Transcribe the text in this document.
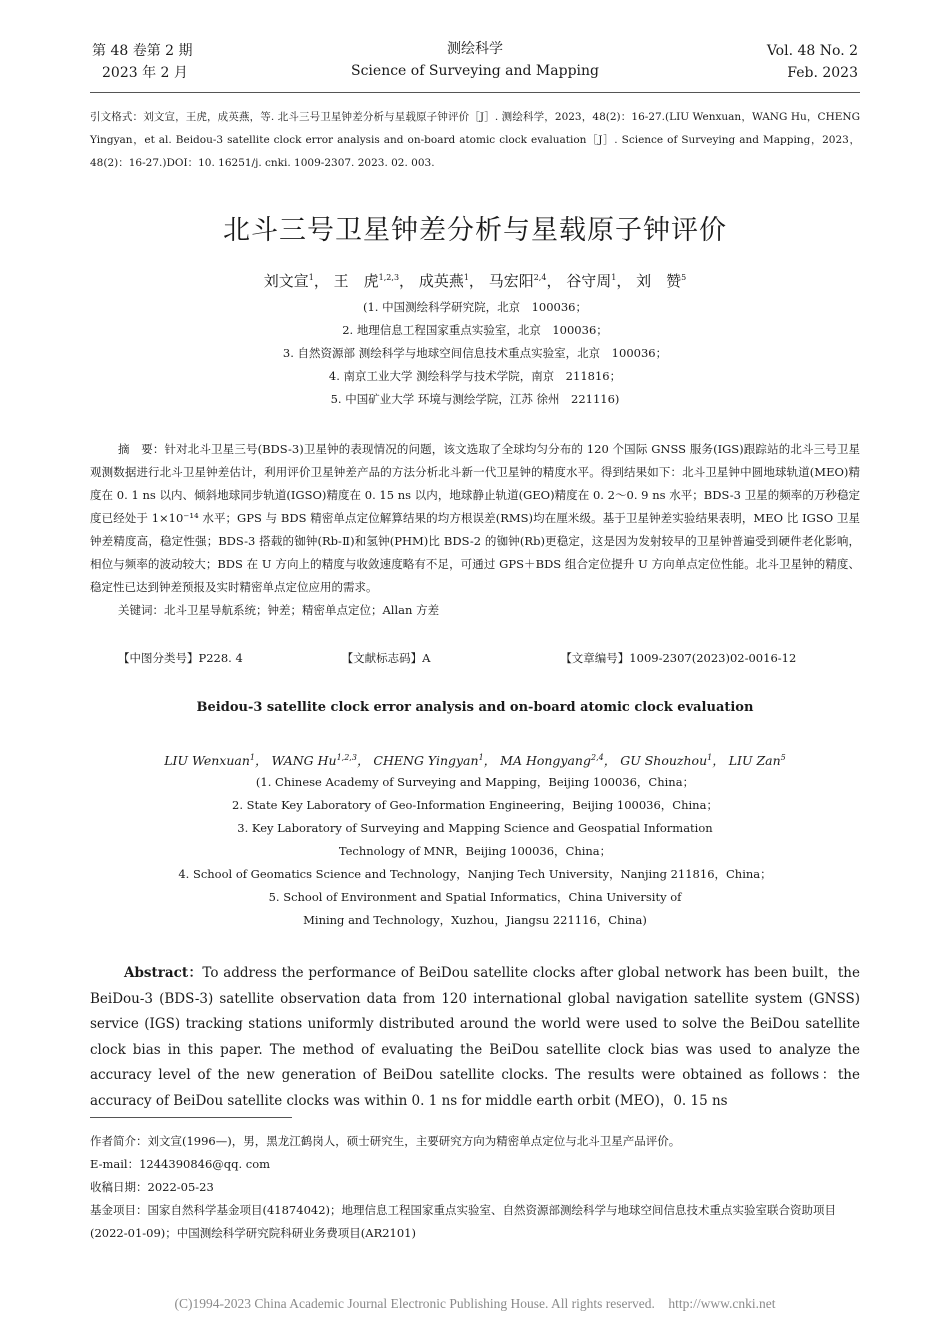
第 48 卷第 2 期
2023 年 2 月
测绘科学
Science of Surveying and Mapping
Vol. 48 No. 2
Feb. 2023
引文格式：刘文宣，王虎，成英燕，等. 北斗三号卫星钟差分析与星载原子钟评价［J］. 测绘科学，2023，48(2)：16-27.(LIU Wenxuan，WANG Hu，CHENG Yingyan，et al. Beidou-3 satellite clock error analysis and on-board atomic clock evaluation［J］. Science of Surveying and Mapping，2023，48(2)：16-27.)DOI：10. 16251/j. cnki. 1009-2307. 2023. 02. 003.
北斗三号卫星钟差分析与星载原子钟评价
刘文宣$^1$， 王　虎$^{1,2,3}$， 成英燕$^1$， 马宏阳$^{2,4}$， 谷守周$^1$， 刘　赞$^5$
(1. 中国测绘科学研究院，北京　100036；
2. 地理信息工程国家重点实验室，北京　100036；
3. 自然资源部 测绘科学与地球空间信息技术重点实验室，北京　100036；
4. 南京工业大学 测绘科学与技术学院，南京　211816；
5. 中国矿业大学 环境与测绘学院，江苏 徐州　221116)

摘　要：针对北斗卫星三号(BDS-3)卫星钟的表现情况的问题，该文选取了全球均匀分布的 120 个国际 GNSS 服务(IGS)跟踪站的北斗三号卫星观测数据进行北斗卫星钟差估计，利用评价卫星钟差产品的方法分析北斗新一代卫星钟的精度水平。得到结果如下：北斗卫星钟中圆地球轨道(MEO)精度在 0. 1 ns 以内、倾斜地球同步轨道(IGSO)精度在 0. 15 ns 以内，地球静止轨道(GEO)精度在 0. 2～0. 9 ns 水平；BDS-3 卫星的频率的万秒稳定度已经处于 1×10⁻¹⁴ 水平；GPS 与 BDS 精密单点定位解算结果的均方根误差(RMS)均在厘米级。基于卫星钟差实验结果表明，MEO 比 IGSO 卫星钟差精度高，稳定性强；BDS-3 搭载的铷钟(Rb-Ⅱ)和氢钟(PHM)比 BDS-2 的铷钟(Rb)更稳定，这是因为发射较早的卫星钟普遍受到硬件老化影响，相位与频率的波动较大；BDS 在 U 方向上的精度与收敛速度略有不足，可通过 GPS＋BDS 组合定位提升 U 方向单点定位性能。北斗卫星钟的精度、稳定性已达到钟差预报及实时精密单点定位应用的需求。

关键词：北斗卫星导航系统；钟差；精密单点定位；Allan 方差

【中图分类号】P228. 4	【文献标志码】A	【文章编号】1009-2307(2023)02-0016-12
Beidou-3 satellite clock error analysis and on-board atomic clock evaluation
LIU Wenxuan$^1$， WANG Hu$^{1,2,3}$， CHENG Yingyan$^1$， MA Hongyang$^{2,4}$， GU Shouzhou$^1$， LIU Zan$^5$
(1. Chinese Academy of Surveying and Mapping，Beijing 100036，China；
2. State Key Laboratory of Geo-Information Engineering，Beijing 100036，China；
3. Key Laboratory of Surveying and Mapping Science and Geospatial Information
Technology of MNR，Beijing 100036，China；
4. School of Geomatics Science and Technology，Nanjing Tech University，Nanjing 211816，China；
5. School of Environment and Spatial Informatics，China University of
Mining and Technology，Xuzhou，Jiangsu 221116，China)
Abstract：To address the performance of BeiDou satellite clocks after global network has been built，the BeiDou-3 (BDS-3) satellite observation data from 120 international global navigation satellite system (GNSS) service (IGS) tracking stations uniformly distributed around the world were used to solve the BeiDou satellite clock bias in this paper. The method of evaluating the BeiDou satellite clock bias was used to analyze the accuracy level of the new generation of BeiDou satellite clocks. The results were obtained as follows：the accuracy of BeiDou satellite clocks was within 0. 1 ns for middle earth orbit (MEO)，0. 15 ns
作者简介：刘文宣(1996—)，男，黑龙江鹤岗人，硕士研究生，主要研究方向为精密单点定位与北斗卫星产品评价。
E-mail：1244390846@qq. com
收稿日期：2022-05-23
基金项目：国家自然科学基金项目(41874042)；地理信息工程国家重点实验室、自然资源部测绘科学与地球空间信息技术重点实验室联合资助项目(2022-01-09)；中国测绘科学研究院科研业务费项目(AR2101)
(C)1994-2023 China Academic Journal Electronic Publishing House. All rights reserved.    http://www.cnki.net
